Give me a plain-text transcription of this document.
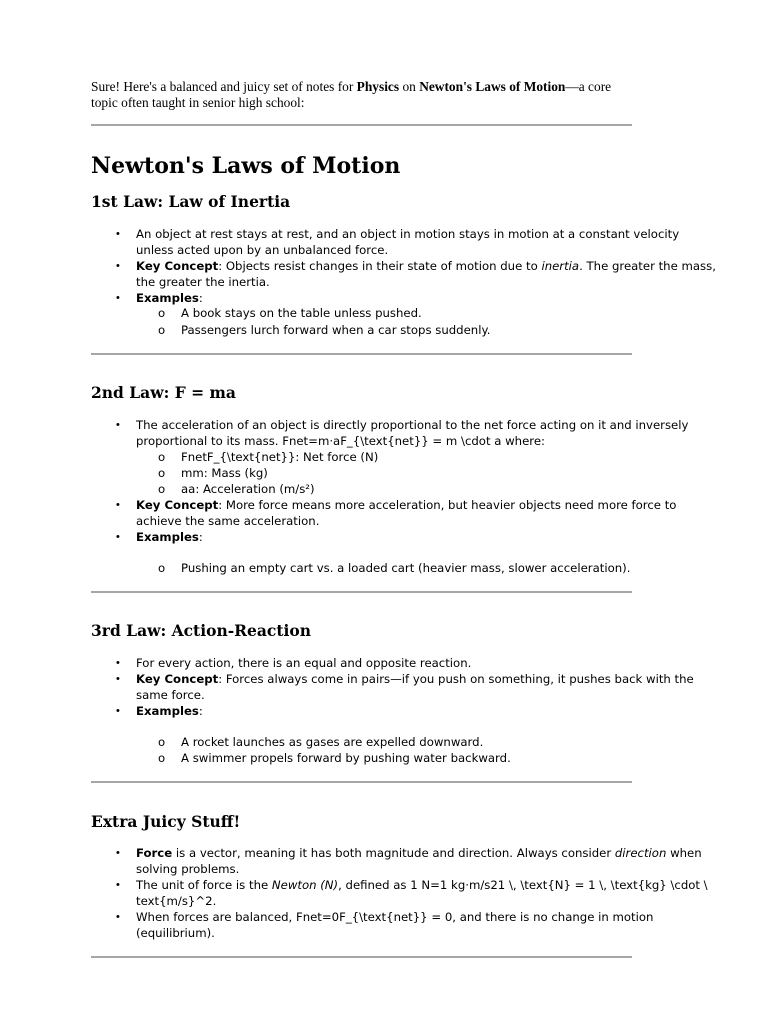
Sure! Here's a balanced and juicy set of notes for Physics on Newton's Laws of Motion—a core
topic often taught in senior high school:
Newton's Laws of Motion
1st Law: Law of Inertia
• An object at rest stays at rest, and an object in motion stays in motion at a constant velocity
unless acted upon by an unbalanced force.
• Key Concept: Objects resist changes in their state of motion due to inertia. The greater the mass,
the greater the inertia.
• Examples:
o A book stays on the table unless pushed.
o Passengers lurch forward when a car stops suddenly.
2nd Law: F = ma
• The acceleration of an object is directly proportional to the net force acting on it and inversely
proportional to its mass. Fnet=m·aF_{\text{net}} = m \cdot a where:
o FnetF_{\text{net}}: Net force (N)
o mm: Mass (kg)
o aa: Acceleration (m/s²)
• Key Concept: More force means more acceleration, but heavier objects need more force to
achieve the same acceleration.
• Examples:
o Pushing an empty cart vs. a loaded cart (heavier mass, slower acceleration).
3rd Law: Action-Reaction
• For every action, there is an equal and opposite reaction.
• Key Concept: Forces always come in pairs—if you push on something, it pushes back with the
same force.
• Examples:
o A rocket launches as gases are expelled downward.
o A swimmer propels forward by pushing water backward.
Extra Juicy Stuff!
• Force is a vector, meaning it has both magnitude and direction. Always consider direction when
solving problems.
• The unit of force is the Newton (N), defined as 1 N=1 kg·m/s21 \, \text{N} = 1 \, \text{kg} \cdot \
text{m/s}^2.
• When forces are balanced, Fnet=0F_{\text{net}} = 0, and there is no change in motion
(equilibrium).
